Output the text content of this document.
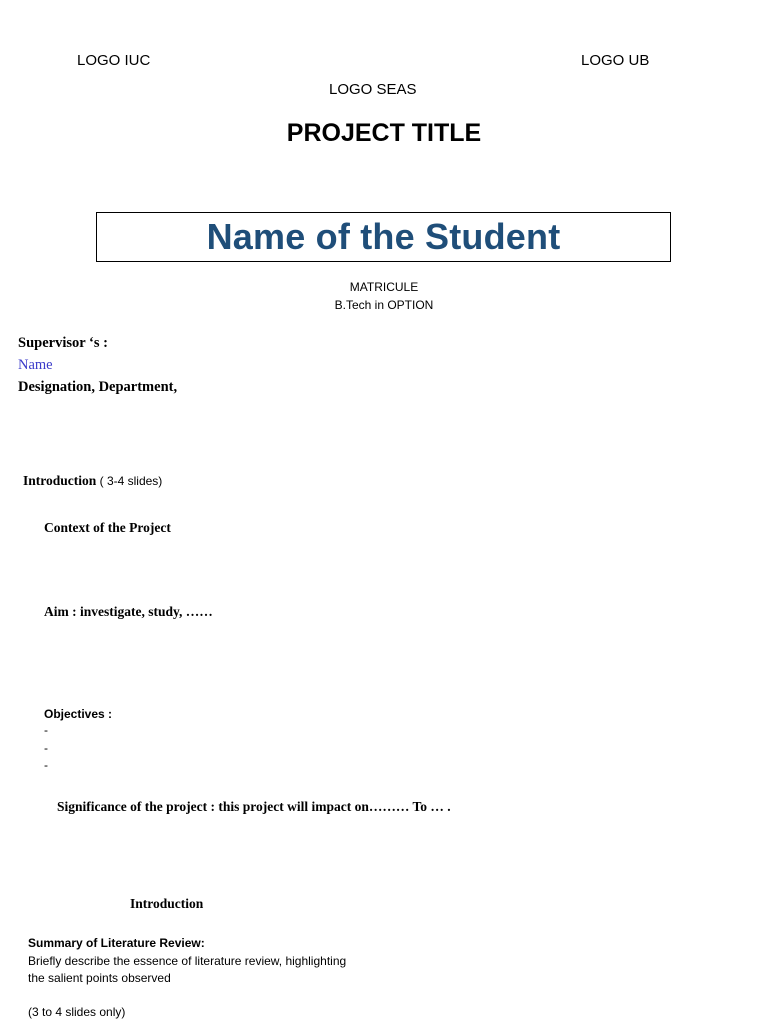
LOGO IUC	LOGO UB
LOGO SEAS
PROJECT TITLE
Name of the Student
MATRICULE
B.Tech in OPTION
Supervisor ‘s :
Name
Designation, Department,
Introduction ( 3-4 slides)
Context of the Project
Aim : investigate, study, ……
Objectives :
-
-
-
Significance of the project : this project will impact on……… To … .
Introduction
Summary of Literature Review:
Briefly describe the essence of literature review, highlighting
the salient points observed
(3 to 4 slides only)
